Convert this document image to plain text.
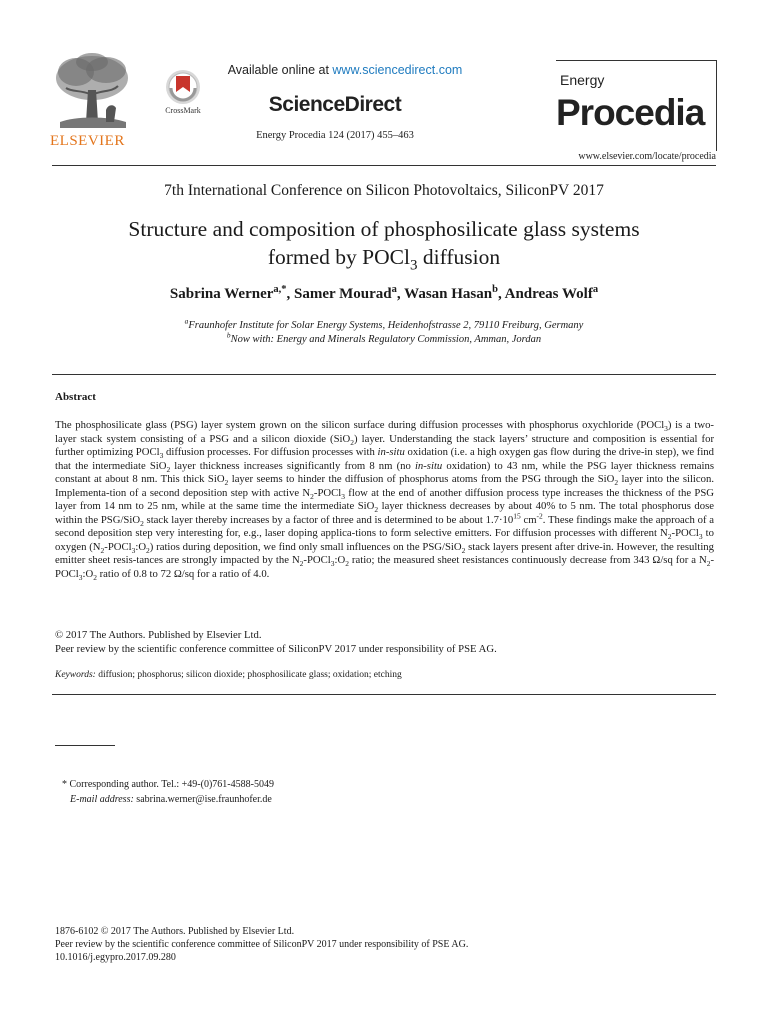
ELSEVIER
CrossMark
Available online at www.sciencedirect.com
ScienceDirect
Energy Procedia 124 (2017) 455–463
Energy
Procedia
www.elsevier.com/locate/procedia
7th International Conference on Silicon Photovoltaics, SiliconPV 2017
Structure and composition of phosphosilicate glass systems
formed by POCl$_3$ diffusion
Sabrina Werner$^{a,*}$, Samer Mourad$^a$, Wasan Hasan$^b$, Andreas Wolf$^a$
$^a$Fraunhofer Institute for Solar Energy Systems, Heidenhofstrasse 2, 79110 Freiburg, Germany
$^b$Now with: Energy and Minerals Regulatory Commission, Amman, Jordan
Abstract
The phosphosilicate glass (PSG) layer system grown on the silicon surface during diffusion processes with phosphorus oxychloride (POCl$_3$) is a two-layer stack system consisting of a PSG and a silicon dioxide (SiO$_2$) layer. Understanding the stack layers’ structure and composition is essential for further optimizing POCl$_3$ diffusion processes. For diffusion processes with in-situ oxidation (i.e. a high oxygen gas flow during the drive-in step), we find that the intermediate SiO$_2$ layer thickness increases significantly from 8 nm (no in-situ oxidation) to 43 nm, while the PSG layer thickness remains constant at about 8 nm. This thick SiO$_2$ layer seems to hinder the diffusion of phosphorus atoms from the PSG through the SiO$_2$ layer into the silicon. Implementa-tion of a second deposition step with active $N_2-POCl_3$ flow at the end of another diffusion process type increases the thickness of the PSG layer from 14 nm to 25 nm, while at the same time the intermediate SiO$_2$ layer thickness decreases by about 40% to 5 nm. The total phosphorus dose within the PSG/SiO$_2$ stack layer thereby increases by a factor of three and is determined to be about $1.7\cdot 10^{15}$ $cm^{-2}$. These findings make the approach of a second deposition step very interesting for, e.g., laser doping applica-tions to form selective emitters. For diffusion processes with different $N_2-POCl_3$ to oxygen $(N_2-POCl_3:O_2)$ ratios during deposition, we find only small influences on the PSG/SiO$_2$ stack layers present after drive-in. However, the resulting emitter sheet resis-tances are strongly impacted by the $N_2-POCl_3:O_2$ ratio; the measured sheet resistances continuously decrease from 343 Ω/sq for a $N_2-POCl_3:O_2$ ratio of 0.8 to 72 Ω/sq for a ratio of 4.0.
© 2017 The Authors. Published by Elsevier Ltd.
Peer review by the scientific conference committee of SiliconPV 2017 under responsibility of PSE AG.
Keywords: diffusion; phosphorus; silicon dioxide; phosphosilicate glass; oxidation; etching
* Corresponding author. Tel.: +49-(0)761-4588-5049
E-mail address: sabrina.werner@ise.fraunhofer.de
1876-6102 © 2017 The Authors. Published by Elsevier Ltd.
Peer review by the scientific conference committee of SiliconPV 2017 under responsibility of PSE AG.
10.1016/j.egypro.2017.09.280
